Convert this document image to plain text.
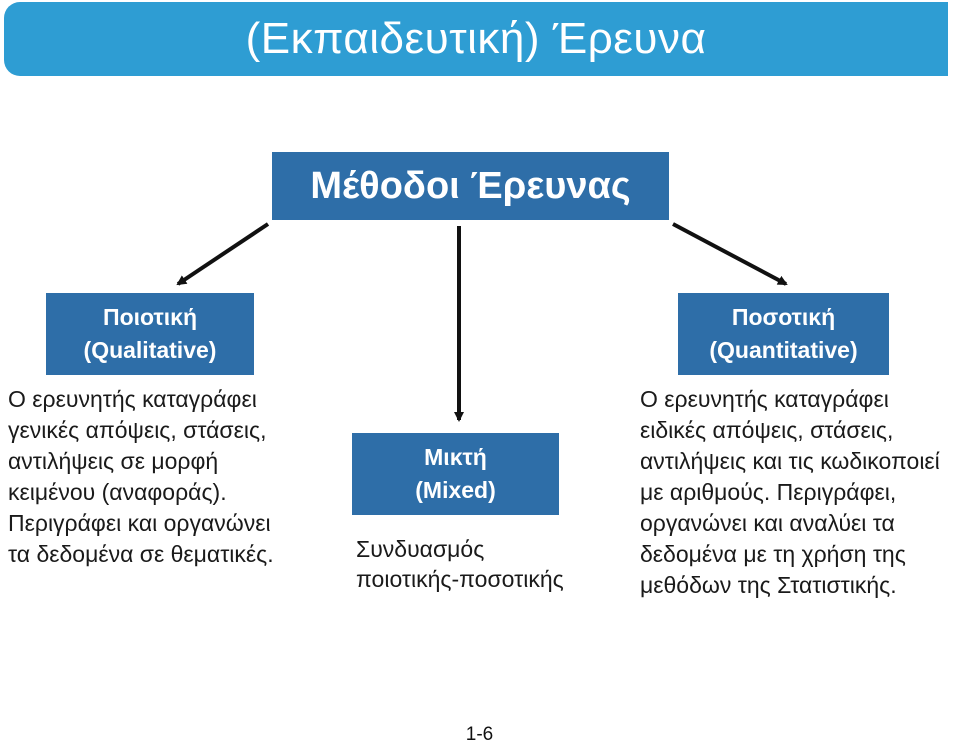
(Εκπαιδευτική) Έρευνα
Μέθοδοι Έρευνας
Ποιοτική
(Qualitative)
Μικτή
(Mixed)
Ποσοτική
(Quantitative)
Ο ερευνητής καταγράφει
γενικές απόψεις, στάσεις,
αντιλήψεις σε μορφή
κειμένου (αναφοράς).
Περιγράφει και οργανώνει
τα δεδομένα σε θεματικές.	Συνδυασμός
ποιοτικής-ποσοτικής
Ο ερευνητής καταγράφει
ειδικές απόψεις, στάσεις,
αντιλήψεις και τις κωδικοποιεί
με αριθμούς. Περιγράφει,
οργανώνει και αναλύει τα
δεδομένα με τη χρήση της
μεθόδων της Στατιστικής.
1-6
